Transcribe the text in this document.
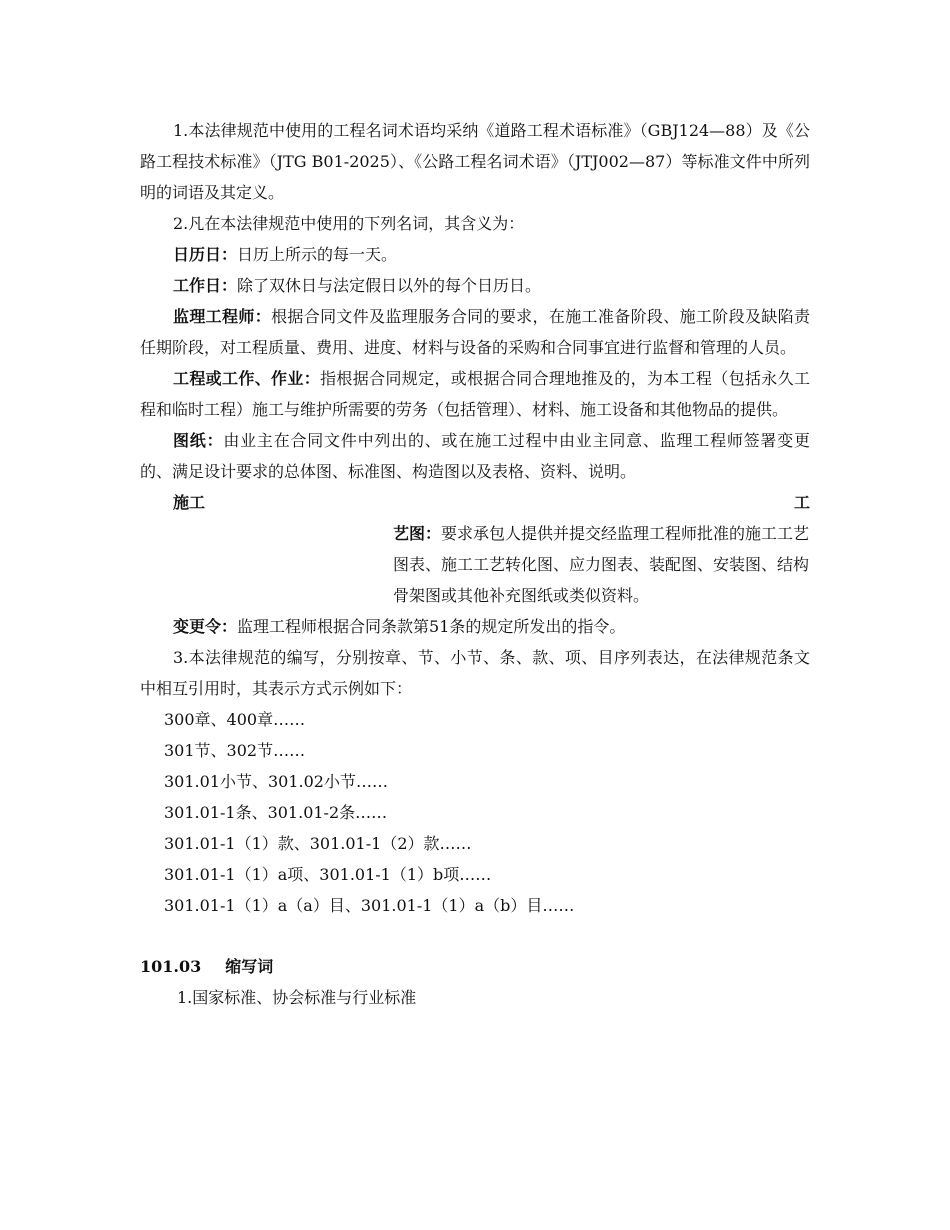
1.本法律规范中使用的工程名词术语均采纳《道路工程术语标准》（GBJ124—88）及《公路工程技术标准》（JTG B01-2025）、《公路工程名词术语》（JTJ002—87）等标准文件中所列明的词语及其定义。

2.凡在本法律规范中使用的下列名词，其含义为：

日历日：日历上所示的每一天。

工作日：除了双休日与法定假日以外的每个日历日。

监理工程师：根据合同文件及监理服务合同的要求，在施工准备阶段、施工阶段及缺陷责任期阶段，对工程质量、费用、进度、材料与设备的采购和合同事宜进行监督和管理的人员。

工程或工作、作业：指根据合同规定，或根据合同合理地推及的，为本工程（包括永久工程和临时工程）施工与维护所需要的劳务（包括管理）、材料、施工设备和其他物品的提供。

图纸：由业主在合同文件中列出的、或在施工过程中由业主同意、监理工程师签署变更的、满足设计要求的总体图、标准图、构造图以及表格、资料、说明。

施工	工

艺图：要求承包人提供并提交经监理工程师批准的施工工艺图表、施工工艺转化图、应力图表、装配图、安装图、结构骨架图或其他补充图纸或类似资料。

变更令：监理工程师根据合同条款第51条的规定所发出的指令。

3.本法律规范的编写，分别按章、节、小节、条、款、项、目序列表达，在法律规范条文中相互引用时，其表示方式示例如下：

300章、400章……

301节、302节……

301.01小节、301.02小节……

301.01-1条、301.01-2条……

301.01-1（1）款、301.01-1（2）款……

301.01-1（1）a项、301.01-1（1）b项……

301.01-1（1）a（a）目、301.01-1（1）a（b）目……

101.03 缩写词

1.国家标准、协会标准与行业标准
